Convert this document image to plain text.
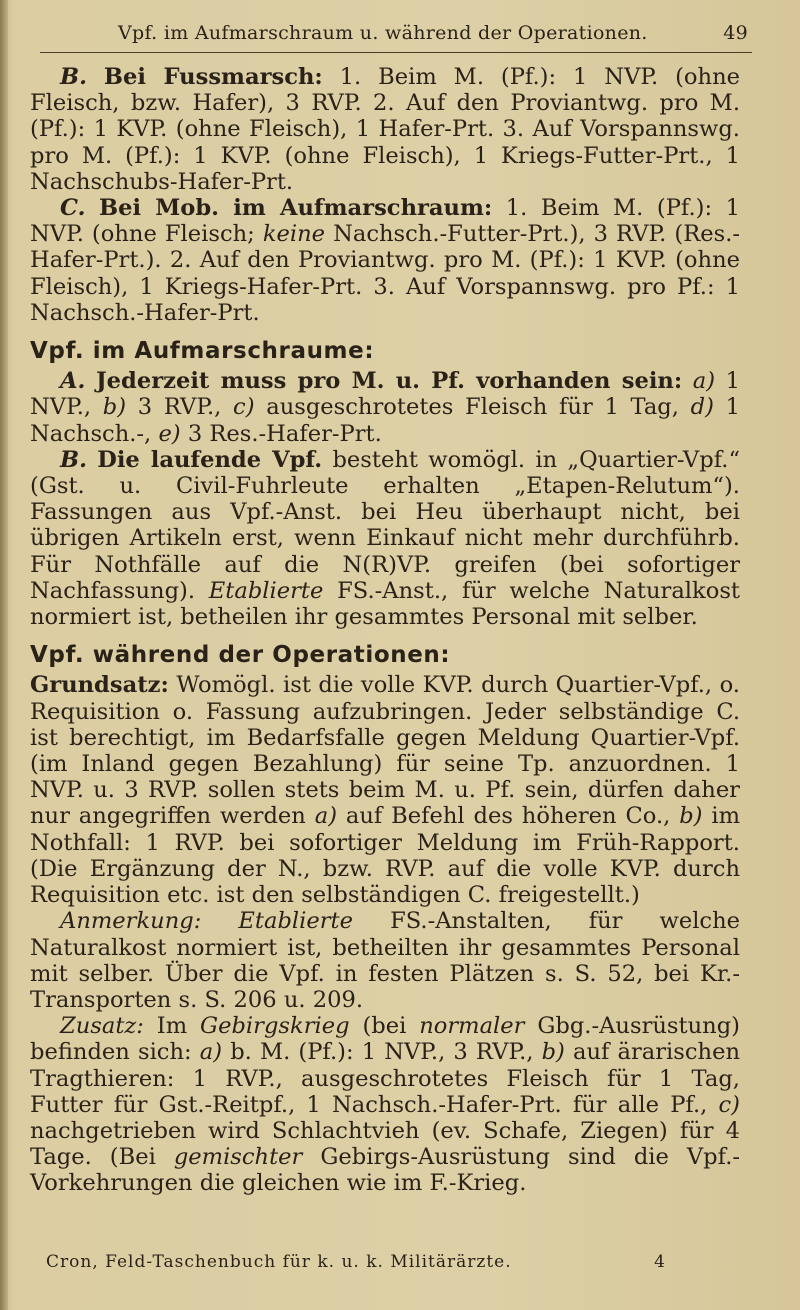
Vpf. im Aufmarschraum u. während der Operationen.	49

B. Bei Fussmarsch: 1. Beim M. (Pf.): 1 NVP. (ohne Fleisch, bzw. Hafer), 3 RVP. 2. Auf den Proviantwg. pro M. (Pf.): 1 KVP. (ohne Fleisch), 1 Hafer-Prt. 3. Auf Vorspannswg. pro M. (Pf.): 1 KVP. (ohne Fleisch), 1 Kriegs-Futter-Prt., 1 Nachschubs-Hafer-Prt.

C. Bei Mob. im Aufmarschraum: 1. Beim M. (Pf.): 1 NVP. (ohne Fleisch; keine Nachsch.-Futter-Prt.), 3 RVP. (Res.-Hafer-Prt.). 2. Auf den Proviantwg. pro M. (Pf.): 1 KVP. (ohne Fleisch), 1 Kriegs-Hafer-Prt. 3. Auf Vorspannswg. pro Pf.: 1 Nachsch.-Hafer-Prt.

Vpf. im Aufmarschraume:

A. Jederzeit muss pro M. u. Pf. vorhanden sein: a) 1 NVP., b) 3 RVP., c) ausgeschrotetes Fleisch für 1 Tag, d) 1 Nachsch.-, e) 3 Res.-Hafer-Prt.

B. Die laufende Vpf. besteht womögl. in „Quartier-Vpf.“ (Gst. u. Civil-Fuhrleute erhalten „Etapen-Relutum“). Fassungen aus Vpf.-Anst. bei Heu überhaupt nicht, bei übrigen Artikeln erst, wenn Einkauf nicht mehr durchführb. Für Nothfälle auf die N(R)VP. greifen (bei sofortiger Nachfassung). Etablierte FS.-Anst., für welche Naturalkost normiert ist, betheilen ihr gesammtes Personal mit selber.

Vpf. während der Operationen:

Grundsatz: Womögl. ist die volle KVP. durch Quartier-Vpf., o. Requisition o. Fassung aufzubringen. Jeder selbständige C. ist berechtigt, im Bedarfsfalle gegen Meldung Quartier-Vpf. (im Inland gegen Bezahlung) für seine Tp. anzuordnen. 1 NVP. u. 3 RVP. sollen stets beim M. u. Pf. sein, dürfen daher nur angegriffen werden a) auf Befehl des höheren Co., b) im Nothfall: 1 RVP. bei sofortiger Meldung im Früh-Rapport. (Die Ergänzung der N., bzw. RVP. auf die volle KVP. durch Requisition etc. ist den selbständigen C. freigestellt.)

Anmerkung: Etablierte FS.-Anstalten, für welche Naturalkost normiert ist, betheilten ihr gesammtes Personal mit selber. Über die Vpf. in festen Plätzen s. S. 52, bei Kr.-Transporten s. S. 206 u. 209.

Zusatz: Im Gebirgskrieg (bei normaler Gbg.-Ausrüstung) befinden sich: a) b. M. (Pf.): 1 NVP., 3 RVP., b) auf ärarischen Tragthieren: 1 RVP., ausgeschrotetes Fleisch für 1 Tag, Futter für Gst.-Reitpf., 1 Nachsch.-Hafer-Prt. für alle Pf., c) nachgetrieben wird Schlachtvieh (ev. Schafe, Ziegen) für 4 Tage. (Bei gemischter Gebirgs-Ausrüstung sind die Vpf.-Vorkehrungen die gleichen wie im F.-Krieg.

Cron, Feld-Taschenbuch für k. u. k. Militärärzte.	4
